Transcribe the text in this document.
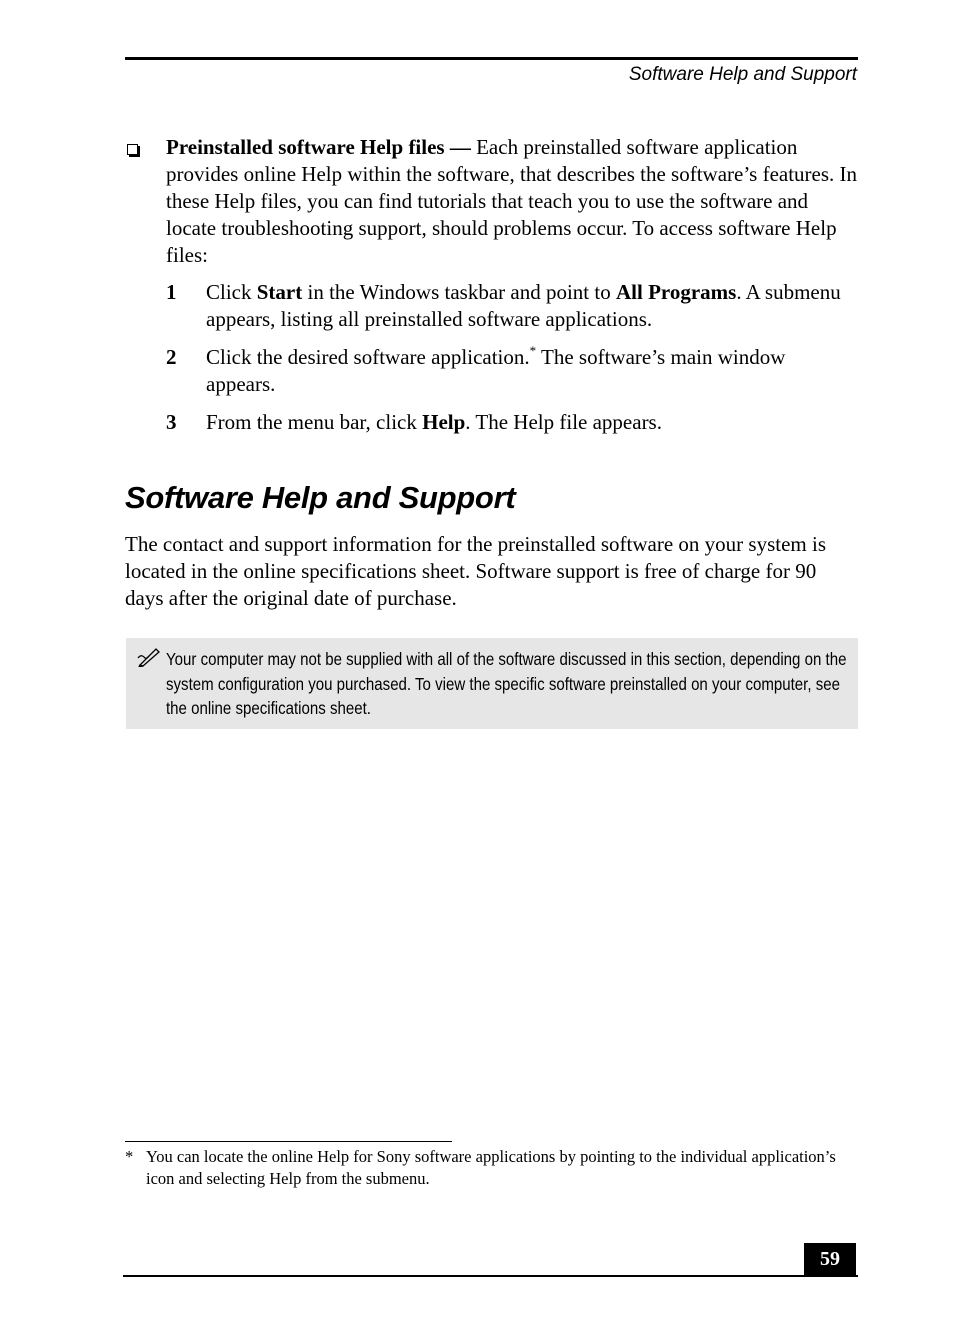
Software Help and Support
Preinstalled software Help files — Each preinstalled software application provides online Help within the software, that describes the software’s features. In these Help files, you can find tutorials that teach you to use the software and locate troubleshooting support, should problems occur. To access software Help files:
1 Click Start in the Windows taskbar and point to All Programs. A submenu appears, listing all preinstalled software applications.
2 Click the desired software application.* The software’s main window appears.
3 From the menu bar, click Help. The Help file appears.
Software Help and Support

The contact and support information for the preinstalled software on your system is located in the online specifications sheet. Software support is free of charge for 90 days after the original date of purchase.

Your computer may not be supplied with all of the software discussed in this section, depending on the system configuration you purchased. To view the specific software preinstalled on your computer, see the online specifications sheet.
* You can locate the online Help for Sony software applications by pointing to the individual application’s icon and selecting Help from the submenu.
59
